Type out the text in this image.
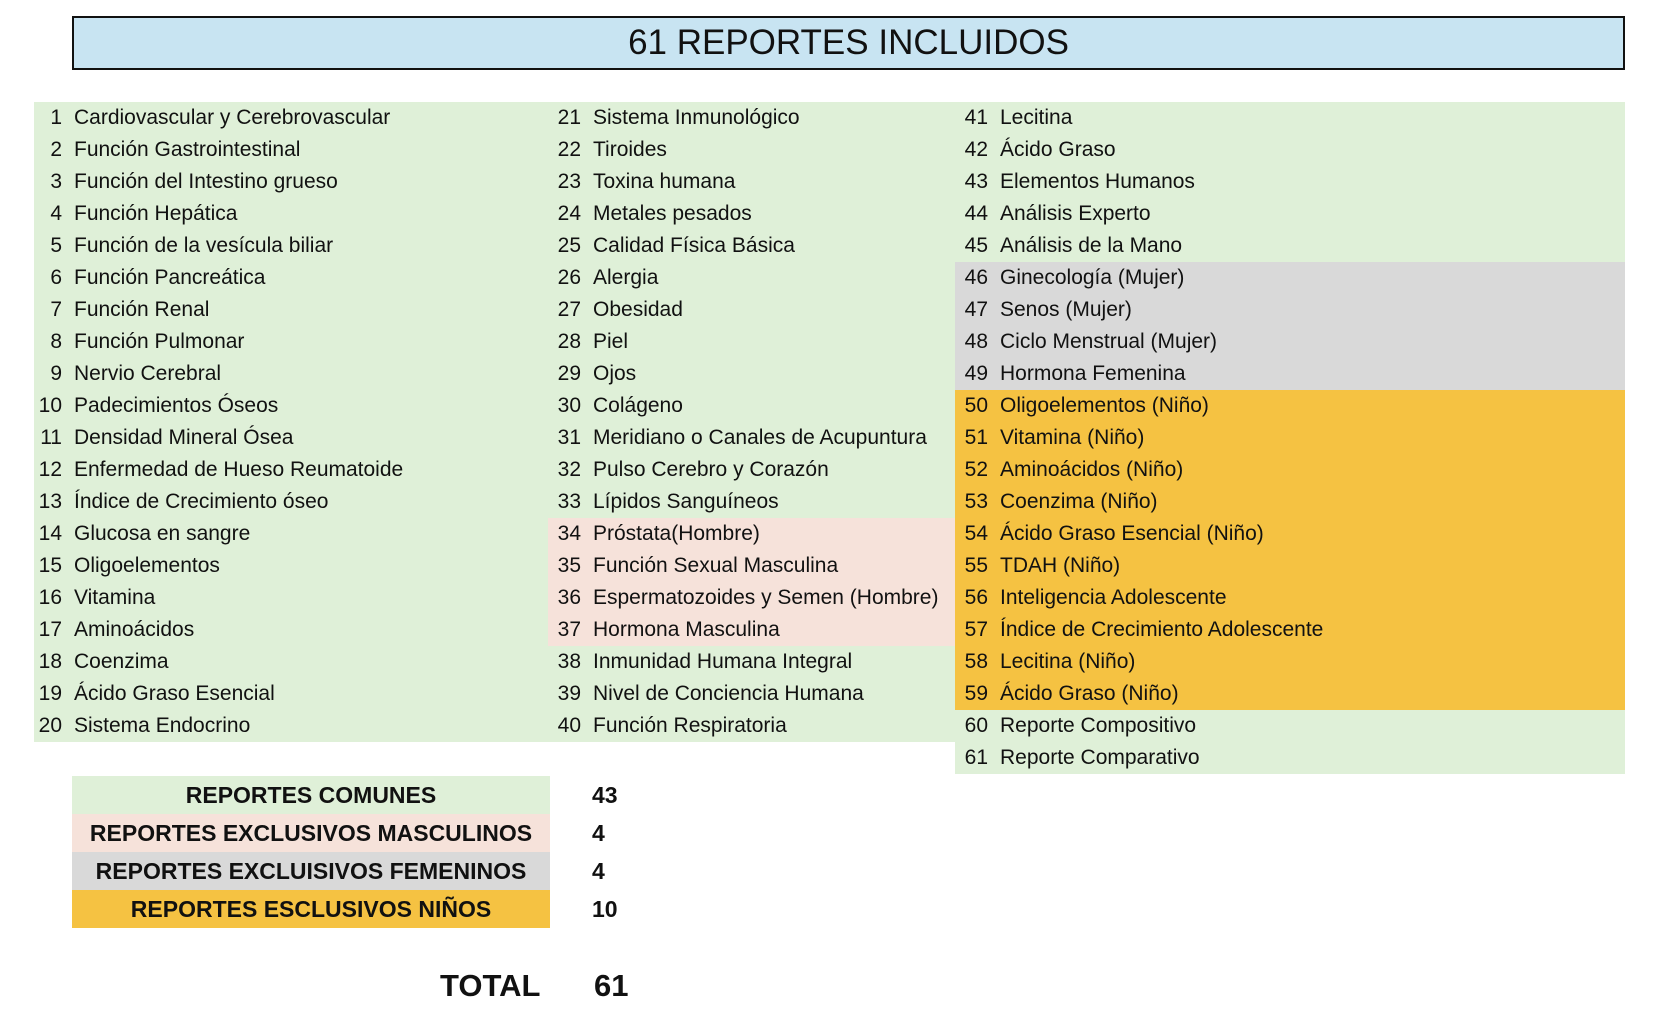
61 REPORTES INCLUIDOS
1 Cardiovascular y Cerebrovascular
2 Función Gastrointestinal
3 Función del Intestino grueso
4 Función Hepática
5 Función de la vesícula biliar
6 Función Pancreática
7 Función Renal
8 Función Pulmonar
9 Nervio Cerebral
10 Padecimientos Óseos
11 Densidad Mineral Ósea
12 Enfermedad de Hueso Reumatoide
13 Índice de Crecimiento óseo
14 Glucosa en sangre
15 Oligoelementos
16 Vitamina
17 Aminoácidos
18 Coenzima
19 Ácido Graso Esencial
20 Sistema Endocrino
21 Sistema Inmunológico
22 Tiroides
23 Toxina humana
24 Metales pesados
25 Calidad Física Básica
26 Alergia
27 Obesidad
28 Piel
29 Ojos
30 Colágeno
31 Meridiano o Canales de Acupuntura
32 Pulso Cerebro y Corazón
33 Lípidos Sanguíneos
34 Próstata(Hombre)
35 Función Sexual Masculina
36 Espermatozoides y Semen (Hombre)
37 Hormona Masculina
38 Inmunidad Humana Integral
39 Nivel de Conciencia Humana
40 Función Respiratoria
41 Lecitina
42 Ácido Graso
43 Elementos Humanos
44 Análisis Experto
45 Análisis de la Mano
46 Ginecología (Mujer)
47 Senos (Mujer)
48 Ciclo Menstrual (Mujer)
49 Hormona Femenina
50 Oligoelementos (Niño)
51 Vitamina (Niño)
52 Aminoácidos (Niño)
53 Coenzima (Niño)
54 Ácido Graso Esencial (Niño)
55 TDAH (Niño)
56 Inteligencia Adolescente
57 Índice de Crecimiento Adolescente
58 Lecitina (Niño)
59 Ácido Graso (Niño)
60 Reporte Compositivo
61 Reporte Comparativo
REPORTES COMUNES	43
REPORTES EXCLUSIVOS MASCULINOS	4
REPORTES EXCLUISIVOS FEMENINOS	4
REPORTES ESCLUSIVOS NIÑOS	10
TOTAL 61
